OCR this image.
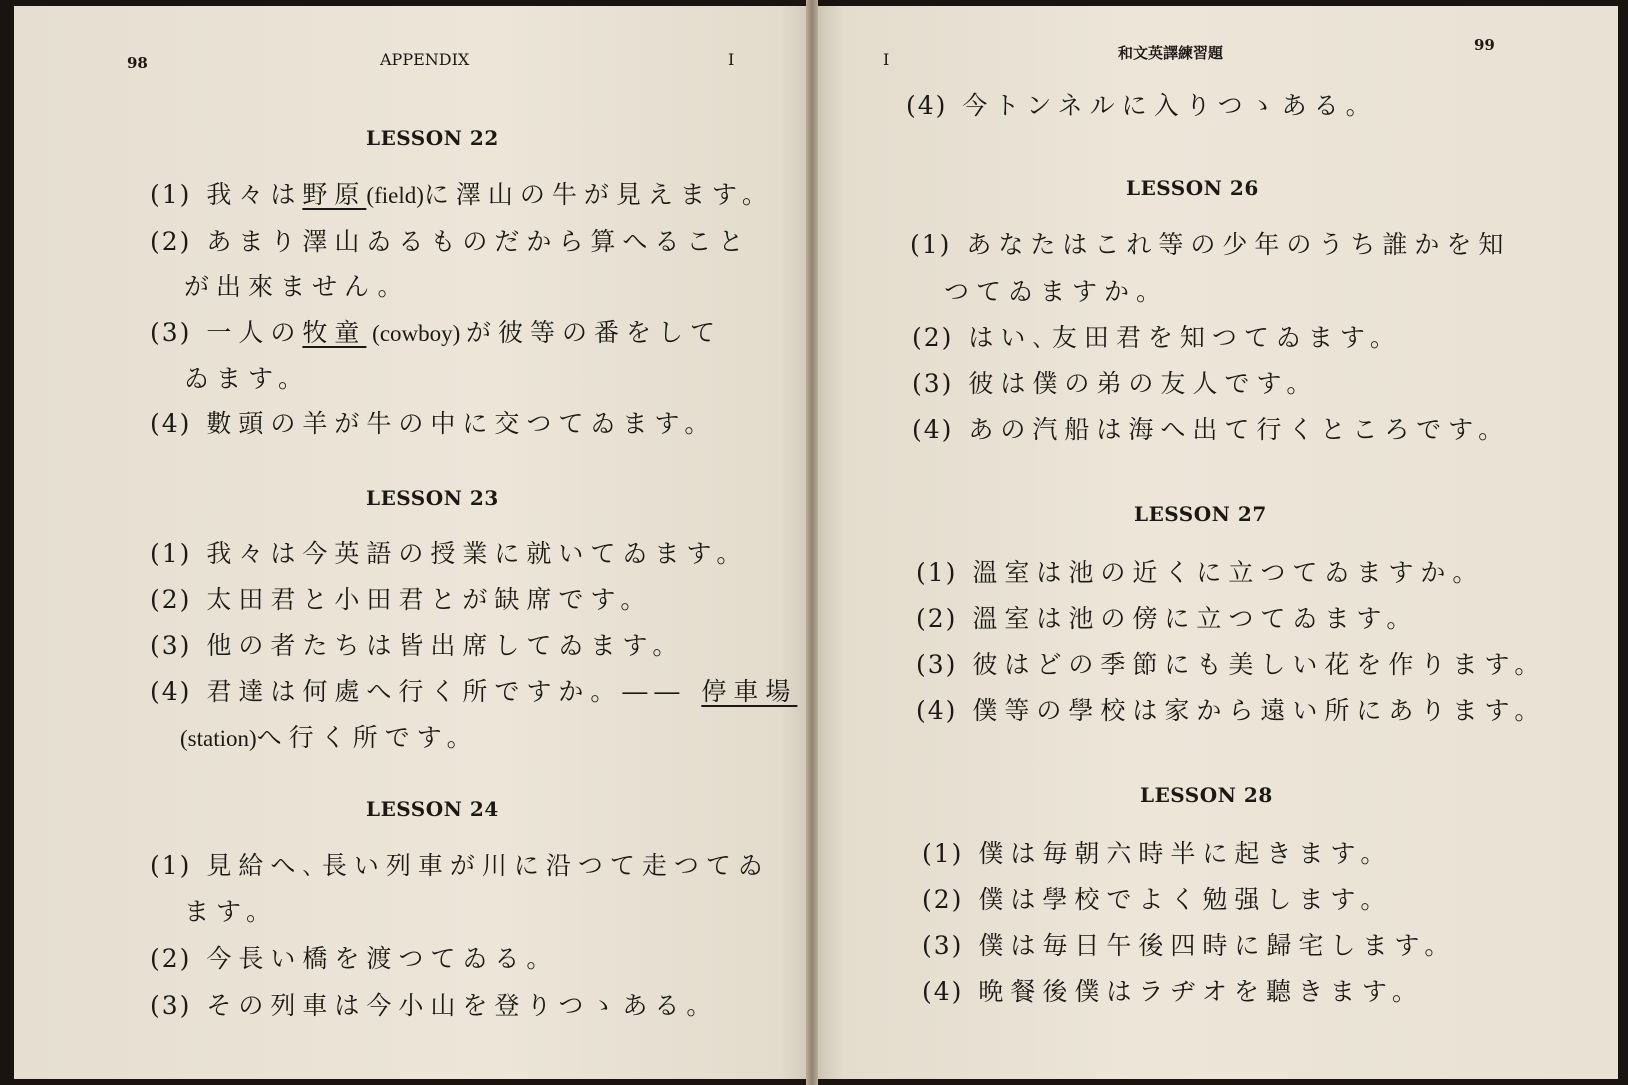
98	APPENDIX	I
LESSON 22
(1) 我々は野原(field)に澤山の牛が見えます。
(2) あまり澤山ゐるものだから算へること
が出來ません。
(3) 一人の牧童 (cowboy) が彼等の番をして
ゐます。
(4) 數頭の羊が牛の中に交つてゐます。
LESSON 23
(1) 我々は今英語の授業に就いてゐます。
(2) 太田君と小田君とが缺席です。
(3) 他の者たちは皆出席してゐます。
(4) 君達は何處へ行く所ですか。―― 停車場
(station)へ行く所です。
LESSON 24
(1) 見給へ､長い列車が川に沿つて走つてゐ
ます。
(2) 今長い橋を渡つてゐる。
(3) その列車は今小山を登りつゝある。
I	和文英譯練習題	99
(4) 今トンネルに入りつゝある。
LESSON 26
(1) あなたはこれ等の少年のうち誰かを知
つてゐますか。
(2) はい､友田君を知つてゐます。
(3) 彼は僕の弟の友人です。
(4) あの汽船は海へ出て行くところです。
LESSON 27
(1) 溫室は池の近くに立つてゐますか。
(2) 溫室は池の傍に立つてゐます。
(3) 彼はどの季節にも美しい花を作ります。
(4) 僕等の學校は家から遠い所にあります。
LESSON 28
(1) 僕は毎朝六時半に起きます。
(2) 僕は學校でよく勉强します。
(3) 僕は毎日午後四時に歸宅します。
(4) 晩餐後僕はラヂオを聽きます。
